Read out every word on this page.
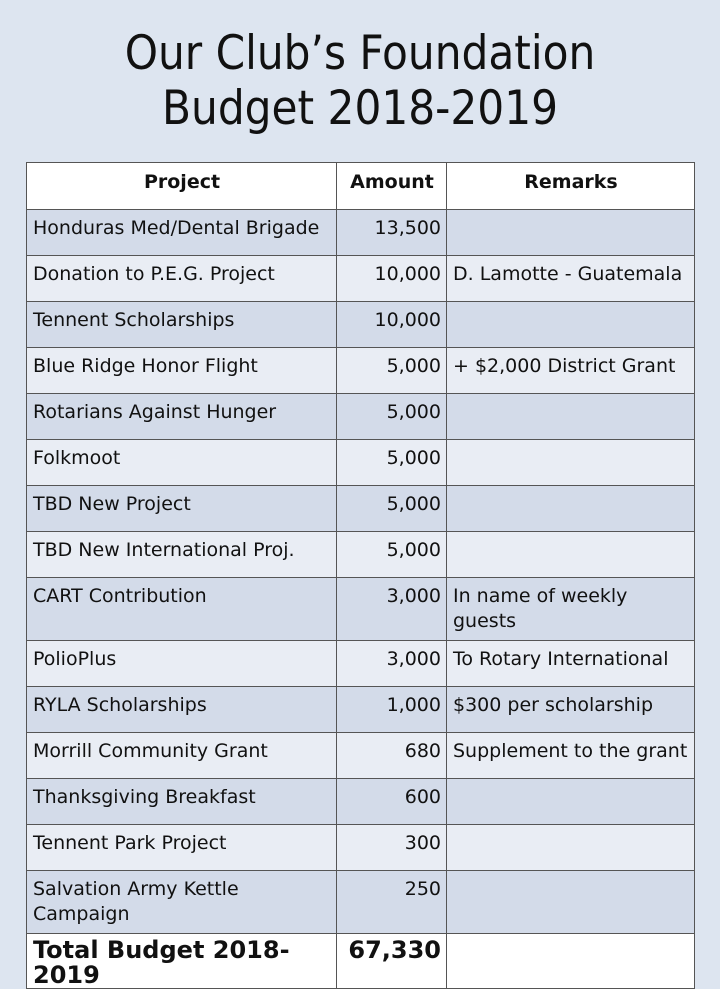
Our Club’s Foundation
Budget 2018-2019
Project	Amount	Remarks
Honduras Med/Dental Brigade	13,500	
Donation to P.E.G. Project	10,000	D. Lamotte - Guatemala
Tennent Scholarships	10,000	
Blue Ridge Honor Flight	5,000	+ $2,000 District Grant
Rotarians Against Hunger	5,000	
Folkmoot	5,000	
TBD New Project	5,000	
TBD New International Proj.	5,000	
CART Contribution	3,000	In name of weekly guests
PolioPlus	3,000	To Rotary International
RYLA Scholarships	1,000	$300 per scholarship
Morrill Community Grant	680	Supplement to the grant
Thanksgiving Breakfast	600	
Tennent Park Project	300	
Salvation Army Kettle Campaign	250	
Total Budget 2018-2019	67,330	
